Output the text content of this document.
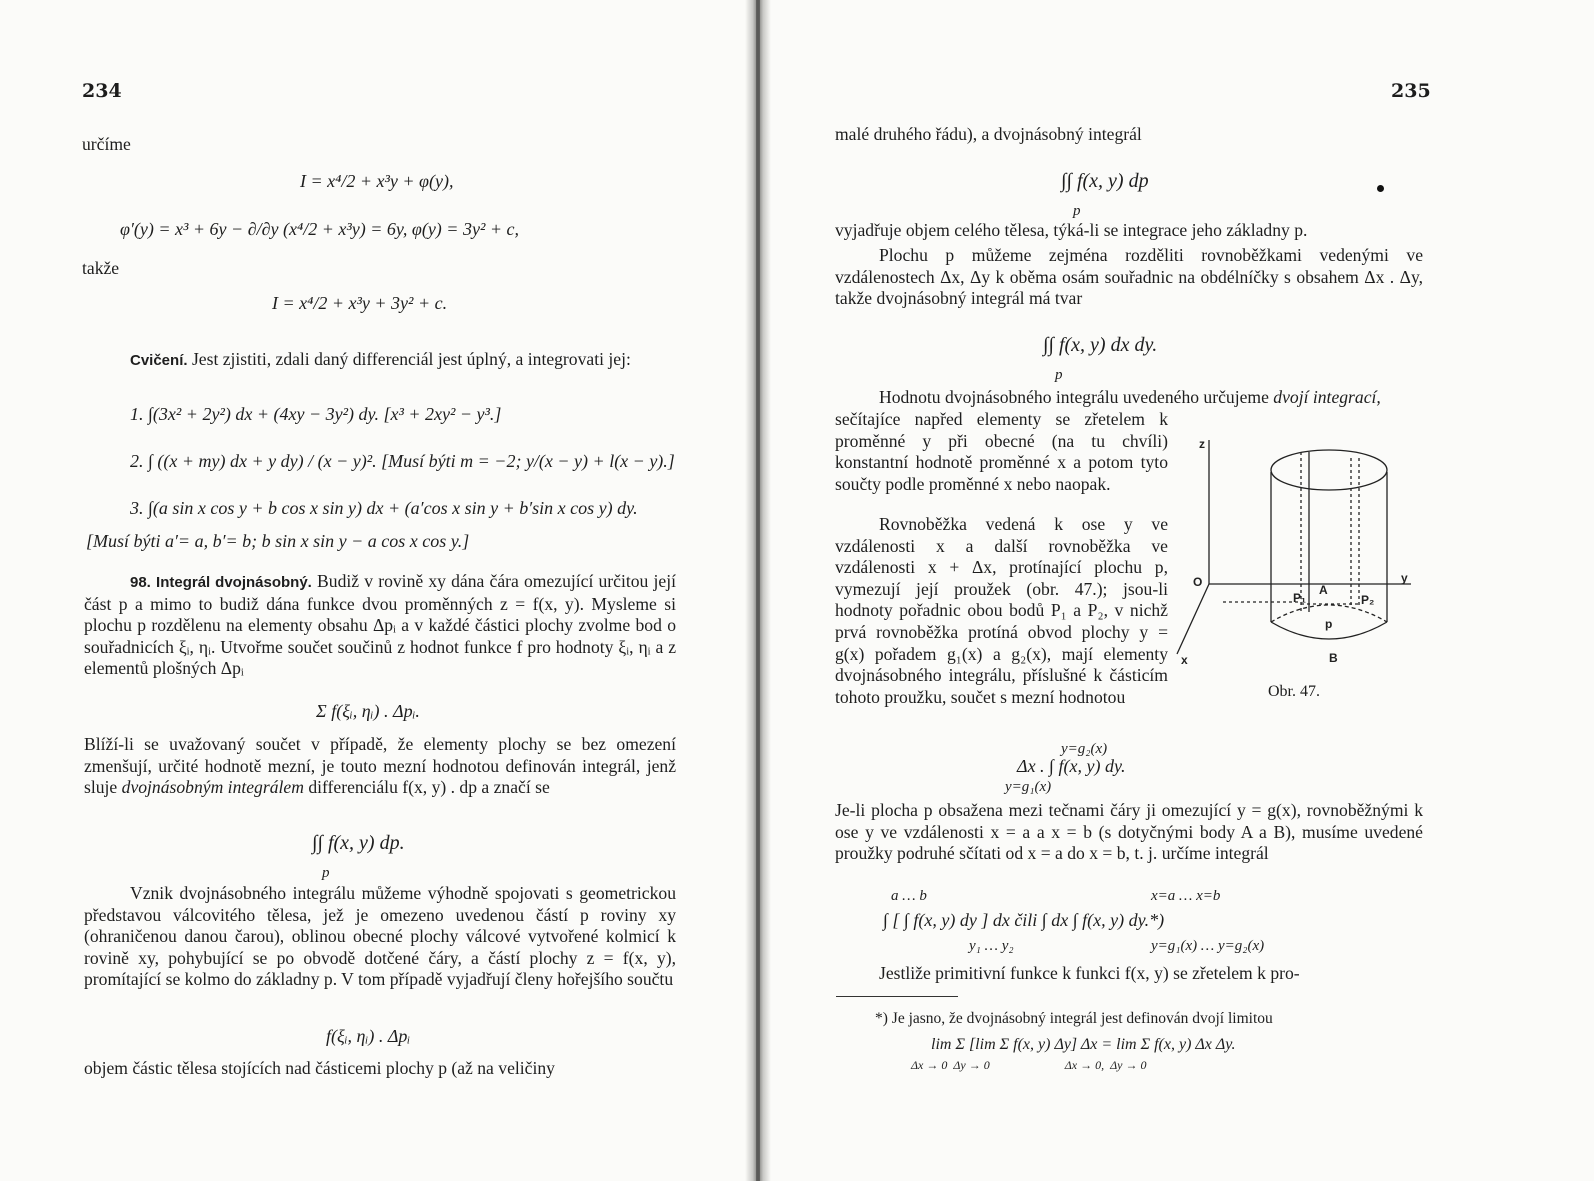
234

určíme

I = x⁴/2 + x³y + φ(y),

φ′(y) = x³ + 6y − ∂/∂y (x⁴/2 + x³y) = 6y, φ(y) = 3y² + c,

takže

I = x⁴/2 + x³y + 3y² + c.

Cvičení. Jest zjistiti, zdali daný differenciál jest úplný, a integrovati jej:

1. ∫(3x² + 2y²) dx + (4xy − 3y²) dy. [x³ + 2xy² − y³.]

2. ∫ ((x + my) dx + y dy) / (x − y)². [Musí býti m = −2; y/(x − y) + l(x − y).]

3. ∫(a sin x cos y + b cos x sin y) dx + (a′cos x sin y + b′sin x cos y) dy.

[Musí býti a′= a, b′= b; b sin x sin y − a cos x cos y.]

98. Integrál dvojnásobný. Budiž v rovině xy dána čára omezující určitou její část p a mimo to budiž dána funkce dvou proměnných z = f(x, y). Mysleme si plochu p rozdělenu na elementy obsahu Δpᵢ a v každé částici plochy zvolme bod o souřadnicích ξᵢ, ηᵢ. Utvořme součet součinů z hodnot funkce f pro hodnoty ξᵢ, ηᵢ a z elementů plošných Δpᵢ

Σ f(ξᵢ, ηᵢ) . Δpᵢ.

Blíží-li se uvažovaný součet v případě, že elementy plochy se bez omezení zmenšují, určité hodnotě mezní, je touto mezní hodnotou definován integrál, jenž sluje dvojnásobným integrálem differenciálu f(x, y) . dp a značí se

∫∫ f(x, y) dp.

p

Vznik dvojnásobného integrálu můžeme výhodně spojovati s geometrickou představou válcovitého tělesa, jež je omezeno uvedenou částí p roviny xy (ohraničenou danou čarou), oblinou obecné plochy válcové vytvořené kolmicí k rovině xy, pohybující se po obvodě dotčené čáry, a částí plochy z = f(x, y), promítající se kolmo do základny p. V tom případě vyjadřují členy hořejšího součtu

f(ξᵢ, ηᵢ) . Δpᵢ

objem částic tělesa stojících nad částicemi plochy p (až na veličiny

235

malé druhého řádu), a dvojnásobný integrál

∫∫ f(x, y) dp

p

vyjadřuje objem celého tělesa, týká-li se integrace jeho základny p.

Plochu p můžeme zejména rozděliti rovnoběžkami vedenými ve vzdálenostech Δx, Δy k oběma osám souřadnic na obdélníčky s obsahem Δx . Δy, takže dvojnásobný integrál má tvar

∫∫ f(x, y) dx dy.

p

Hodnotu dvojnásobného integrálu uvedeného určujeme dvojí integrací,

sečítajíce napřed elementy se zřetelem k proměnné y při obecné (na tu chvíli) konstantní hodnotě proměnné x a potom tyto součty podle proměnné x nebo naopak.

Rovnoběžka vedená k ose y ve vzdálenosti x a další rovnoběžka ve vzdálenosti x + Δx, protínající plochu p, vymezují její proužek (obr. 47.); jsou-li hodnoty pořadnic obou bodů P₁ a P₂, v nichž prvá rovnoběžka protíná obvod plochy y = g(x) pořadem g₁(x) a g₂(x), mají elementy dvojnásobného integrálu, příslušné k částicím tohoto proužku, součet s mezní hodnotou

z
O	y
x
P₁
A
P₂
p
B
Obr. 47.

y=g₂(x)

Δx . ∫ f(x, y) dy.

y=g₁(x)

Je-li plocha p obsažena mezi tečnami čáry ji omezující y = g(x), rovnoběžnými k ose y ve vzdálenosti x = a a x = b (s dotyčnými body A a B), musíme uvedené proužky podruhé sčítati od x = a do x = b, t. j. určíme integrál

a … b

∫ [ ∫ f(x, y) dy ] dx čili ∫ dx ∫ f(x, y) dy.*)

y₁ … y₂

x=a … x=b

y=g₁(x) … y=g₂(x)

Jestliže primitivní funkce k funkci f(x, y) se zřetelem k pro-

*) Je jasno, že dvojnásobný integrál jest definován dvojí limitou

lim Σ [lim Σ f(x, y) Δy] Δx = lim Σ f(x, y) Δx Δy.

Δx → 0  Δy → 0                         Δx → 0,  Δy → 0
